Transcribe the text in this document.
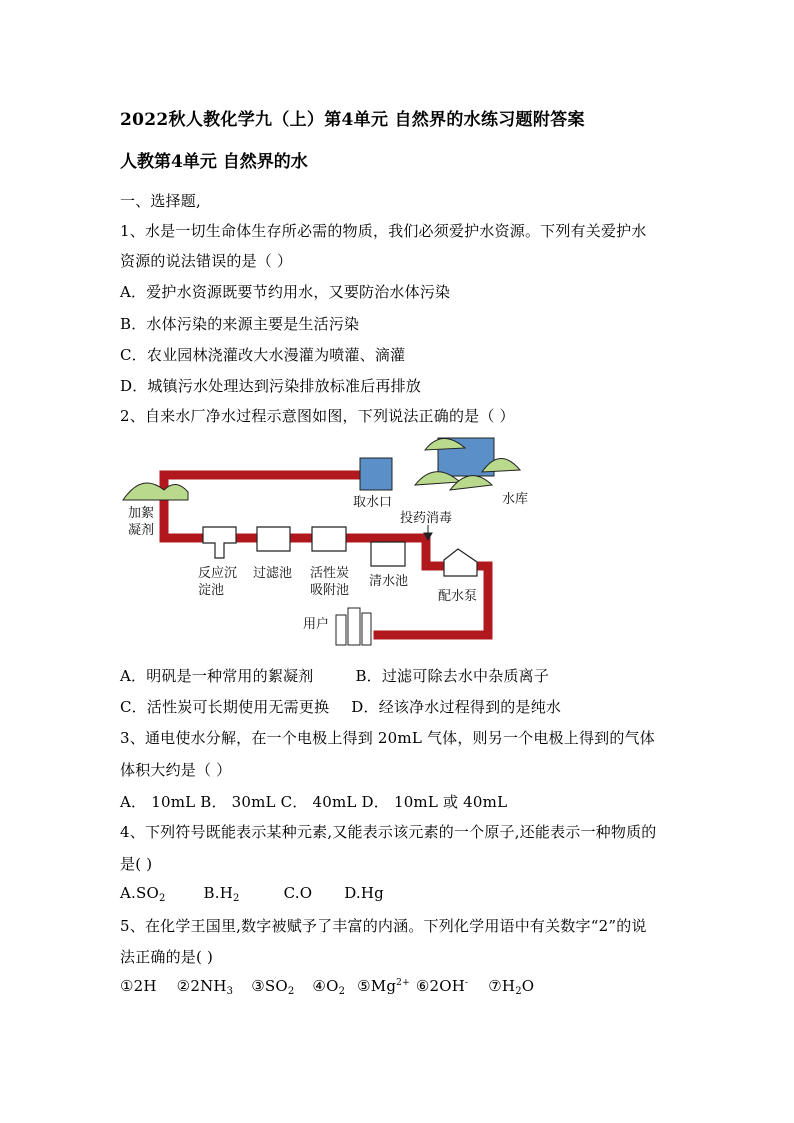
2022秋人教化学九（上）第4单元 自然界的水练习题附答案
人教第4单元 自然界的水
一、选择题,
1、水是一切生命体生存所必需的物质，我们必须爱护水资源。下列有关爱护水
资源的说法错误的是（ ）
A．爱护水资源既要节约用水，又要防治水体污染
B．水体污染的来源主要是生活污染
C．农业园林浇灌改大水漫灌为喷灌、滴灌
D．城镇污水处理达到污染排放标准后再排放
2、自来水厂净水过程示意图如图，下列说法正确的是（ ）
取水口	水库
投药消毒
加絮
凝剂
反应沉
淀池
过滤池 活性炭
吸附池
清水池
配水泵
用户
A．明矾是一种常用的絮凝剂	B．过滤可除去水中杂质离子
C．活性炭可长期使用无需更换 D．经该净水过程得到的是纯水
3、通电使水分解，在一个电极上得到 20mL 气体，则另一个电极上得到的气体
体积大约是（ ）
A． 10mL B． 30mL C． 40mL D． 10mL 或 40mL
4、下列符号既能表示某种元素,又能表示该元素的一个原子,还能表示一种物质的
是( )
$A.SO_2$	$B.H_2$	C.O D.Hg
5、在化学王国里,数字被赋予了丰富的内涵。下列化学用语中有关数字“2”的说
法正确的是( )
①2H $②2NH_3$ $③SO_2$ $④O_2$ $⑤Mg^{2+}$ ⑥2OH- $⑦H_2O$
